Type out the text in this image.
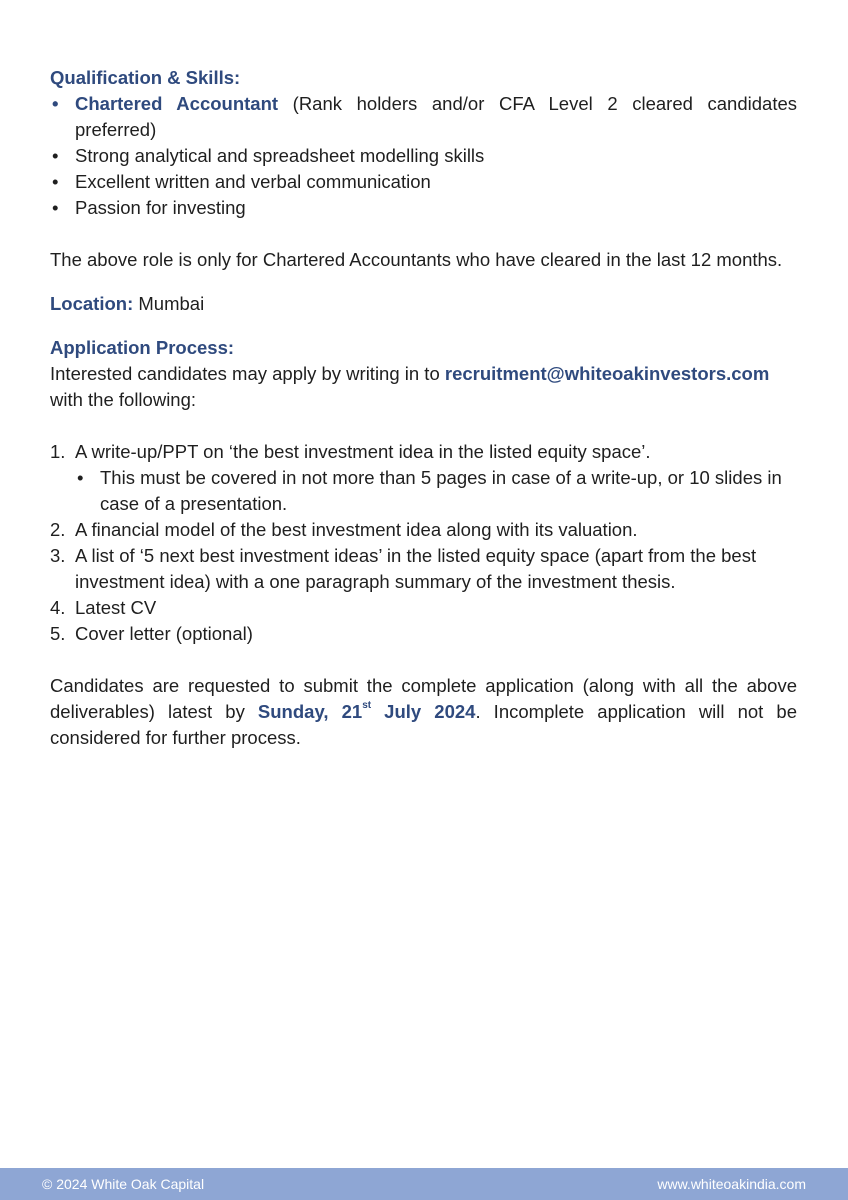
Qualification & Skills:
• Chartered Accountant (Rank holders and/or CFA Level 2 cleared candidates preferred)
• Strong analytical and spreadsheet modelling skills
• Excellent written and verbal communication
• Passion for investing

The above role is only for Chartered Accountants who have cleared in the last 12 months.

Location: Mumbai

Application Process:

Interested candidates may apply by writing in to recruitment@whiteoakinvestors.com
with the following:

1. A write-up/PPT on ‘the best investment idea in the listed equity space’.
• This must be covered in not more than 5 pages in case of a write-up, or 10 slides in case of a presentation.
2. A financial model of the best investment idea along with its valuation.
3. A list of ‘5 next best investment ideas’ in the listed equity space (apart from the best investment idea) with a one paragraph summary of the investment thesis.
4. Latest CV
5. Cover letter (optional)

Candidates are requested to submit the complete application (along with all the above deliverables) latest by Sunday, 21st July 2024. Incomplete application will not be considered for further process.

© 2024 White Oak Capital	www.whiteoakindia.com
